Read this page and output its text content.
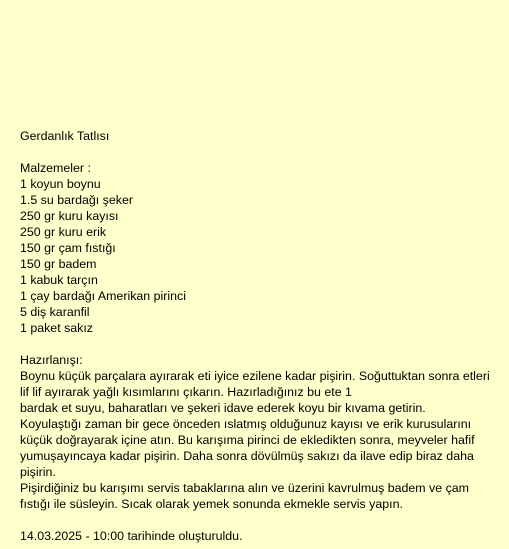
Gerdanlık Tatlısı
Malzemeler :
1 koyun boynu
1.5 su bardağı şeker
250 gr kuru kayısı
250 gr kuru erik
150 gr çam fıstığı
150 gr badem
1 kabuk tarçın
1 çay bardağı Amerikan pirinci
5 diş karanfil
1 paket sakız
Hazırlanışı:
Boynu küçük parçalara ayırarak eti iyice ezilene kadar pişirin. Soğuttuktan sonra etleri lif lif ayırarak yağlı kısımlarını çıkarın. Hazırladığınız bu ete 1
bardak et suyu, baharatları ve şekeri idave ederek koyu bir kıvama getirin.
Koyulaştığı zaman bir gece önceden ıslatmış olduğunuz kayısı ve erik kurusularını küçük doğrayarak içine atın. Bu karışıma pirinci de ekledikten sonra, meyveler hafif yumuşayıncaya kadar pişirin. Daha sonra dövülmüş sakızı da ilave edip biraz daha pişirin.
Pişirdiğiniz bu karışımı servis tabaklarına alın ve üzerini kavrulmuş badem ve çam fıstığı ile süsleyin. Sıcak olarak yemek sonunda ekmekle servis yapın.
14.03.2025 - 10:00 tarihinde oluşturuldu.
